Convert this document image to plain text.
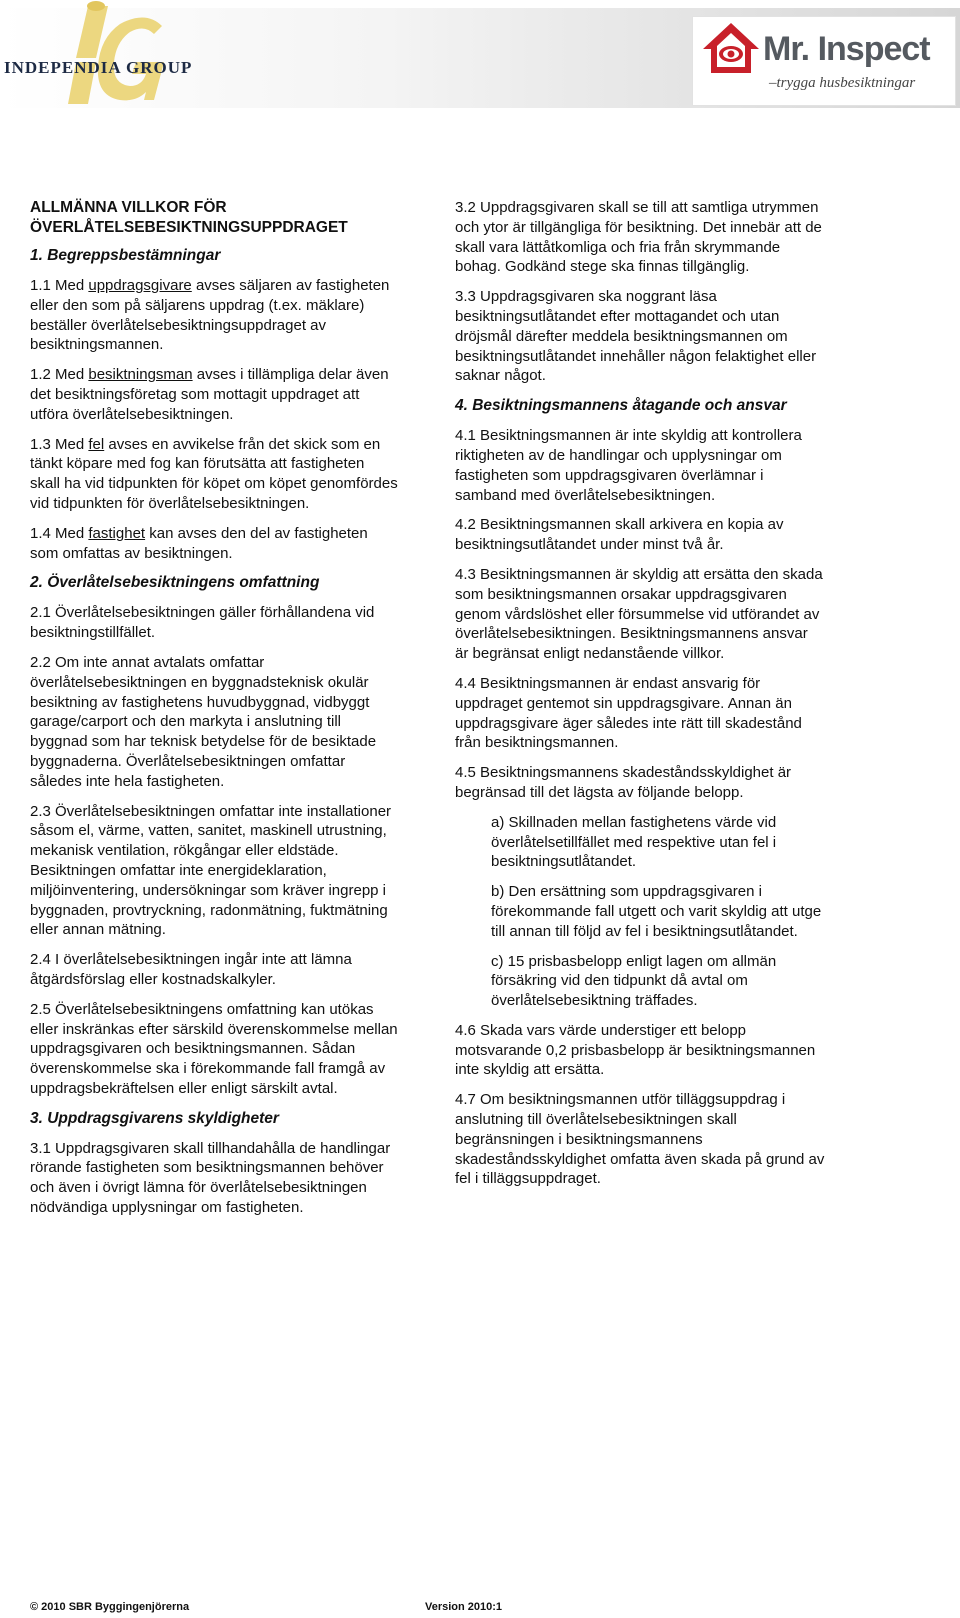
INDEPENDIA GROUP	Mr. Inspect
–trygga husbesiktningar
ALLMÄNNA VILLKOR FÖR
ÖVERLÅTELSEBESIKTNINGSUPPDRAGET
1. Begreppsbestämningar

1.1 Med uppdragsgivare avses säljaren av fastigheten eller den som på säljarens uppdrag (t.ex. mäklare) beställer överlåtelsebesiktningsuppdraget av besiktningsmannen.

1.2 Med besiktningsman avses i tillämpliga delar även det besiktningsföretag som mottagit uppdraget att utföra överlåtelsebesiktningen.

1.3 Med fel avses en avvikelse från det skick som en tänkt köpare med fog kan förutsätta att fastigheten skall ha vid tidpunkten för köpet om köpet genomfördes vid tidpunkten för överlåtelsebesiktningen.

1.4 Med fastighet kan avses den del av fastigheten som omfattas av besiktningen.

2. Överlåtelsebesiktningens omfattning

2.1 Överlåtelsebesiktningen gäller förhållandena vid besiktningstillfället.

2.2 Om inte annat avtalats omfattar överlåtelsebesiktningen en byggnadsteknisk okulär besiktning av fastighetens huvudbyggnad, vidbyggt garage/carport och den markyta i anslutning till byggnad som har teknisk betydelse för de besiktade byggnaderna. Överlåtelsebesiktningen omfattar således inte hela fastigheten.

2.3 Överlåtelsebesiktningen omfattar inte installationer såsom el, värme, vatten, sanitet, maskinell utrustning, mekanisk ventilation, rökgångar eller eldstäde. Besiktningen omfattar inte energideklaration, miljöinventering, undersökningar som kräver ingrepp i byggnaden, provtryckning, radonmätning, fuktmätning eller annan mätning.

2.4 I överlåtelsebesiktningen ingår inte att lämna åtgärdsförslag eller kostnadskalkyler.

2.5 Överlåtelsebesiktningens omfattning kan utökas eller inskränkas efter särskild överenskommelse mellan uppdragsgivaren och besiktningsmannen. Sådan överenskommelse ska i förekommande fall framgå av uppdragsbekräftelsen eller enligt särskilt avtal.

3. Uppdragsgivarens skyldigheter

3.1 Uppdragsgivaren skall tillhandahålla de handlingar rörande fastigheten som besiktningsmannen behöver och även i övrigt lämna för överlåtelsebesiktningen nödvändiga upplysningar om fastigheten.

3.2 Uppdragsgivaren skall se till att samtliga utrymmen och ytor är tillgängliga för besiktning. Det innebär att de skall vara lättåtkomliga och fria från skrymmande bohag. Godkänd stege ska finnas tillgänglig.

3.3 Uppdragsgivaren ska noggrant läsa besiktningsutlåtandet efter mottagandet och utan dröjsmål därefter meddela besiktningsmannen om besiktningsutlåtandet innehåller någon felaktighet eller saknar något.

4. Besiktningsmannens åtagande och ansvar

4.1 Besiktningsmannen är inte skyldig att kontrollera riktigheten av de handlingar och upplysningar om fastigheten som uppdragsgivaren överlämnar i samband med överlåtelsebesiktningen.

4.2 Besiktningsmannen skall arkivera en kopia av besiktningsutlåtandet under minst två år.

4.3 Besiktningsmannen är skyldig att ersätta den skada som besiktningsmannen orsakar uppdragsgivaren genom vårdslöshet eller försummelse vid utförandet av överlåtelsebesiktningen. Besiktningsmannens ansvar är begränsat enligt nedanstående villkor.

4.4 Besiktningsmannen är endast ansvarig för uppdraget gentemot sin uppdragsgivare. Annan än uppdragsgivare äger således inte rätt till skadestånd från besiktningsmannen.

4.5 Besiktningsmannens skadeståndsskyldighet är begränsad till det lägsta av följande belopp.

a) Skillnaden mellan fastighetens värde vid överlåtelsetillfället med respektive utan fel i besiktningsutlåtandet.

b) Den ersättning som uppdragsgivaren i förekommande fall utgett och varit skyldig att utge till annan till följd av fel i besiktningsutlåtandet.

c) 15 prisbasbelopp enligt lagen om allmän försäkring vid den tidpunkt då avtal om överlåtelsebesiktning träffades.

4.6 Skada vars värde understiger ett belopp motsvarande 0,2 prisbasbelopp är besiktningsmannen inte skyldig att ersätta.

4.7 Om besiktningsmannen utför tilläggsuppdrag i anslutning till överlåtelsebesiktningen skall begränsningen i besiktningsmannens skadeståndsskyldighet omfatta även skada på grund av fel i tilläggsuppdraget.

© 2010 SBR Byggingenjörerna	Version 2010:1
